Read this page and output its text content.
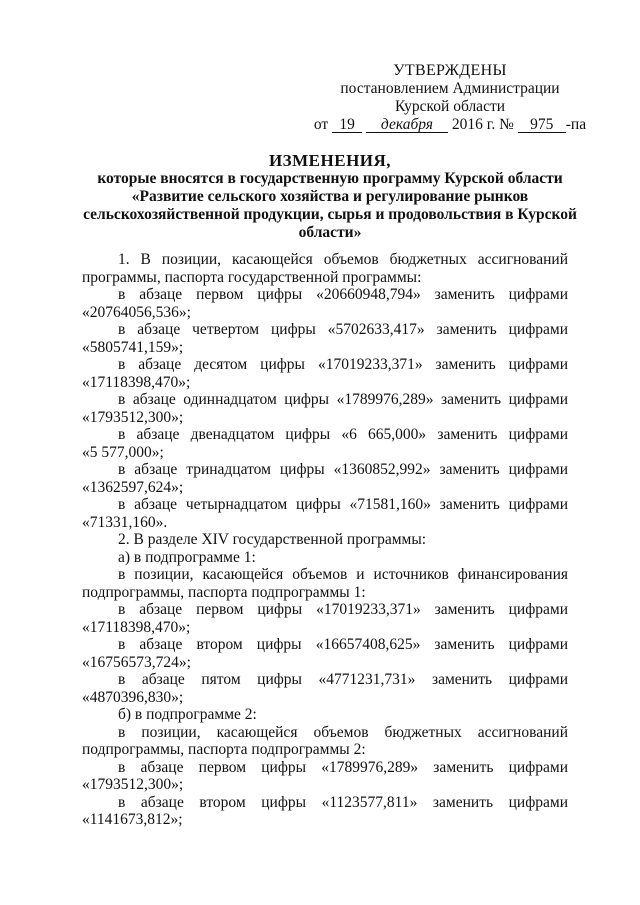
УТВЕРЖДЕНЫ
постановлением Администрации
Курской области
от 19 декабря 2016 г. № 975 -па
ИЗМЕНЕНИЯ,
которые вносятся в государственную программу Курской области
«Развитие сельского хозяйства и регулирование рынков
сельскохозяйственной продукции, сырья и продовольствия в Курской
области»
1. В позиции, касающейся объемов бюджетных ассигнований
программы, паспорта государственной программы:
в абзаце первом цифры «20660948,794» заменить цифрами
«20764056,536»;
в абзаце четвертом цифры «5702633,417» заменить цифрами
«5805741,159»;
в абзаце десятом цифры «17019233,371» заменить цифрами
«17118398,470»;
в абзаце одиннадцатом цифры «1789976,289» заменить цифрами
«1793512,300»;
в абзаце двенадцатом цифры «6 665,000» заменить цифрами
«5 577,000»;
в абзаце тринадцатом цифры «1360852,992» заменить цифрами
«1362597,624»;
в абзаце четырнадцатом цифры «71581,160» заменить цифрами
«71331,160».
2. В разделе XIV государственной программы:
а) в подпрограмме 1:
в позиции, касающейся объемов и источников финансирования
подпрограммы, паспорта подпрограммы 1:
в абзаце первом цифры «17019233,371» заменить цифрами
«17118398,470»;
в абзаце втором цифры «16657408,625» заменить цифрами
«16756573,724»;
в абзаце пятом цифры «4771231,731» заменить цифрами
«4870396,830»;
б) в подпрограмме 2:
в позиции, касающейся объемов бюджетных ассигнований
подпрограммы, паспорта подпрограммы 2:
в абзаце первом цифры «1789976,289» заменить цифрами
«1793512,300»;
в абзаце втором цифры «1123577,811» заменить цифрами
«1141673,812»;
